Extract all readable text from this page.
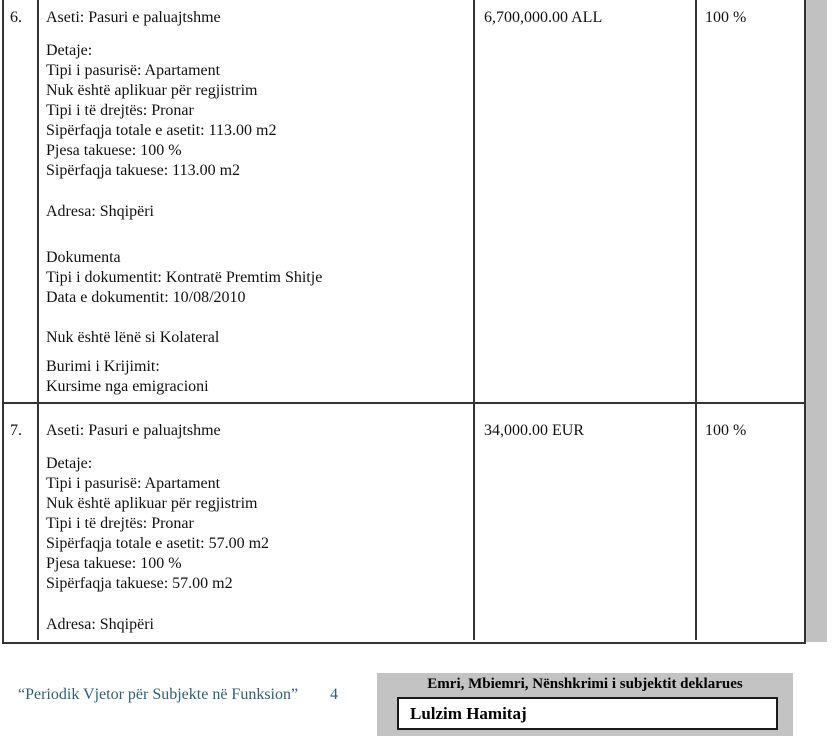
6.	Aseti: Pasuri e paluajtshme
Detaje:
Tipi i pasurisë: Apartament
Nuk është aplikuar për regjistrim
Tipi i të drejtës: Pronar
Sipërfaqja totale e asetit: 113.00 m2
Pjesa takuese: 100 %
Sipërfaqja takuese: 113.00 m2
Adresa: Shqipëri
Dokumenta
Tipi i dokumentit: Kontratë Premtim Shitje
Data e dokumentit: 10/08/2010
Nuk është lënë si Kolateral
Burimi i Krijimit:
Kursime nga emigracioni
6,700,000.00 ALL	100 %
7.	Aseti: Pasuri e paluajtshme
Detaje:
Tipi i pasurisë: Apartament
Nuk është aplikuar për regjistrim
Tipi i të drejtës: Pronar
Sipërfaqja totale e asetit: 57.00 m2
Pjesa takuese: 100 %
Sipërfaqja takuese: 57.00 m2
Adresa: Shqipëri
34,000.00 EUR	100 %
“Periodik Vjetor për Subjekte në Funksion” 4
Emri, Mbiemri, Nënshkrimi i subjektit deklarues
Lulzim Hamitaj
